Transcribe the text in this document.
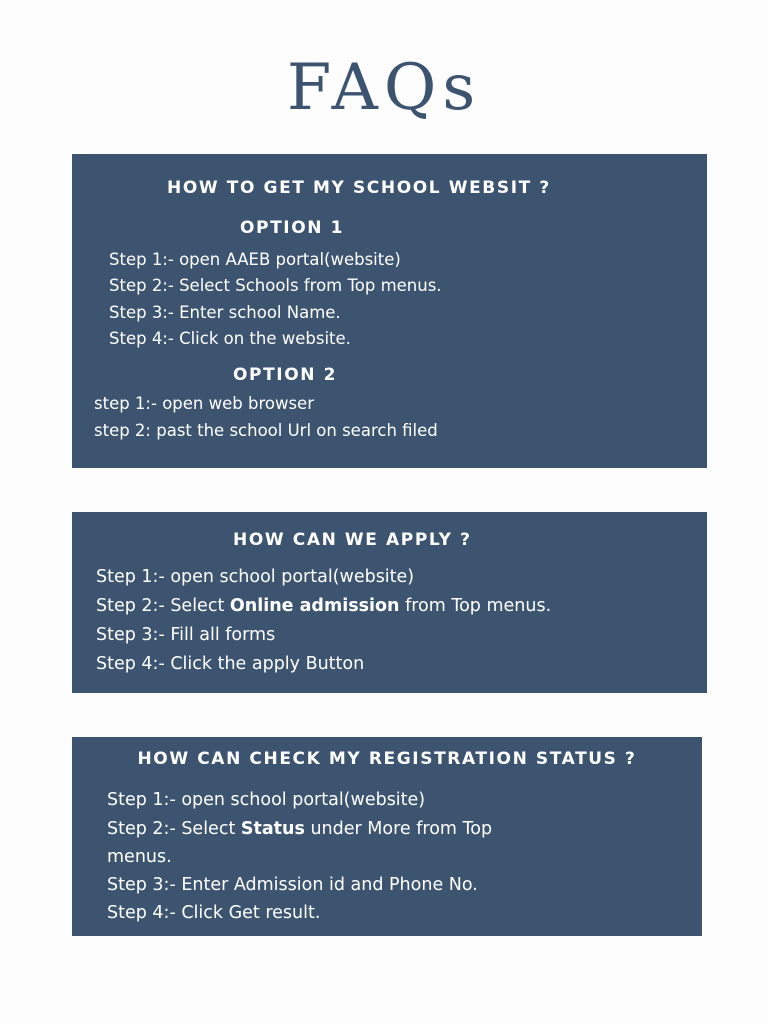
FAQs
HOW TO GET MY SCHOOL WEBSIT ?
OPTION 1
Step 1:- open AAEB portal(website)
Step 2:- Select Schools from Top menus.
Step 3:- Enter school Name.
Step 4:- Click on the website.
OPTION 2
step 1:- open web browser
step 2: past the school Url on search filed
HOW CAN WE APPLY ?
Step 1:- open school portal(website)
Step 2:- Select Online admission from Top menus.
Step 3:- Fill all forms
Step 4:- Click the apply Button
HOW CAN CHECK MY REGISTRATION STATUS ?
Step 1:- open school portal(website)
Step 2:- Select Status under More from Top
menus.
Step 3:- Enter Admission id and Phone No.
Step 4:- Click Get result.
